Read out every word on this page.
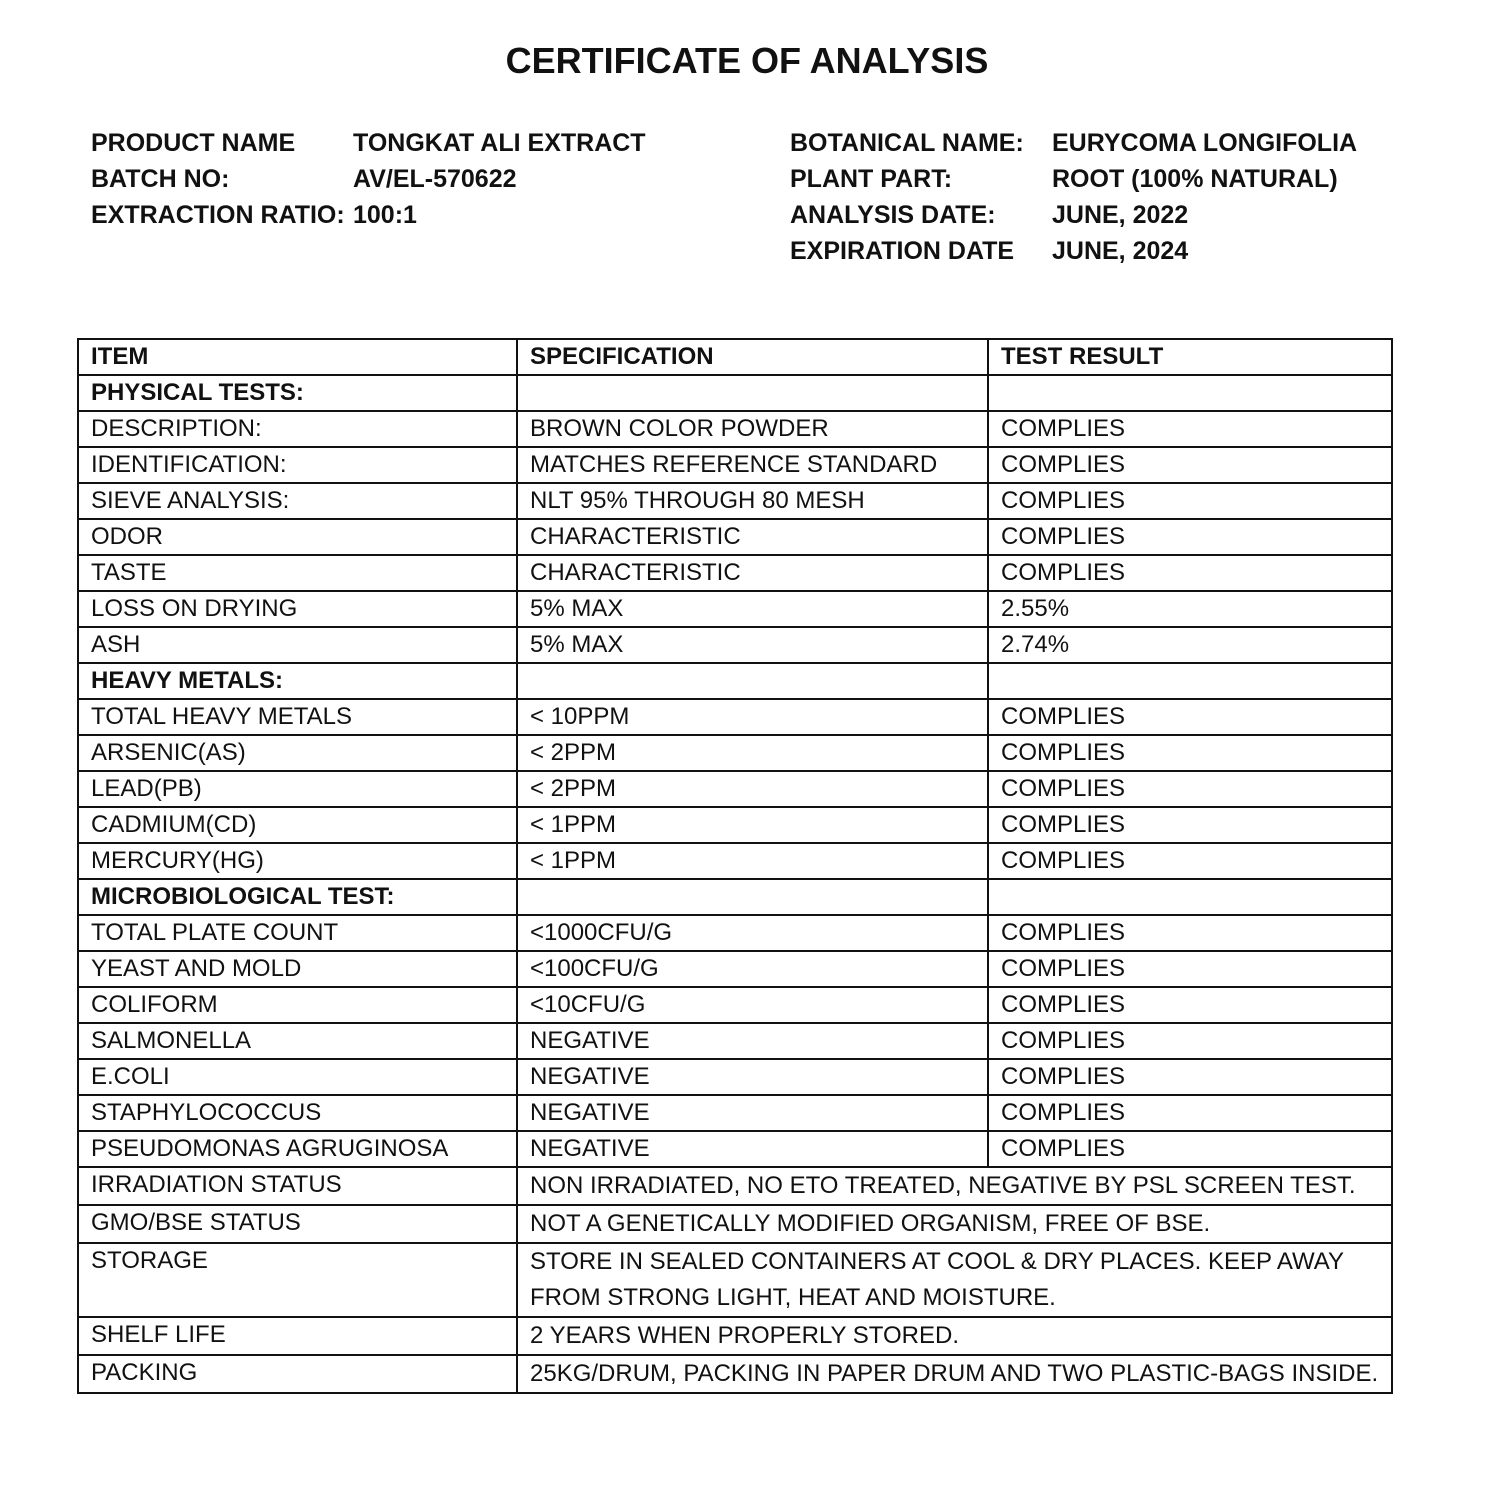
CERTIFICATE OF ANALYSIS
PRODUCT NAME TONGKAT ALI EXTRACT
BATCH NO:	AV/EL-570622
EXTRACTION RATIO: 100:1
BOTANICAL NAME: EURYCOMA LONGIFOLIA
PLANT PART:	ROOT (100% NATURAL)
ANALYSIS DATE: JUNE, 2022
EXPIRATION DATE JUNE, 2024
ITEM	SPECIFICATION	TEST RESULT
PHYSICAL TESTS:		
DESCRIPTION:	BROWN COLOR POWDER	COMPLIES
IDENTIFICATION:	MATCHES REFERENCE STANDARD	COMPLIES
SIEVE ANALYSIS:	NLT 95% THROUGH 80 MESH	COMPLIES
ODOR	CHARACTERISTIC	COMPLIES
TASTE	CHARACTERISTIC	COMPLIES
LOSS ON DRYING	5% MAX	2.55%
ASH	5% MAX	2.74%
HEAVY METALS:		
TOTAL HEAVY METALS	< 10PPM	COMPLIES
ARSENIC(AS)	< 2PPM	COMPLIES
LEAD(PB)	< 2PPM	COMPLIES
CADMIUM(CD)	< 1PPM	COMPLIES
MERCURY(HG)	< 1PPM	COMPLIES
MICROBIOLOGICAL TEST:		
TOTAL PLATE COUNT	<1000CFU/G	COMPLIES
YEAST AND MOLD	<100CFU/G	COMPLIES
COLIFORM	<10CFU/G	COMPLIES
SALMONELLA	NEGATIVE	COMPLIES
E.COLI	NEGATIVE	COMPLIES
STAPHYLOCOCCUS	NEGATIVE	COMPLIES
PSEUDOMONAS AGRUGINOSA	NEGATIVE	COMPLIES
IRRADIATION STATUS	NON IRRADIATED, NO ETO TREATED, NEGATIVE BY PSL SCREEN TEST.	
GMO/BSE STATUS	NOT A GENETICALLY MODIFIED ORGANISM, FREE OF BSE.	
STORAGE	STORE IN SEALED CONTAINERS AT COOL & DRY PLACES. KEEP AWAY FROM STRONG LIGHT, HEAT AND MOISTURE.	
SHELF LIFE	2 YEARS WHEN PROPERLY STORED.	
PACKING	25KG/DRUM, PACKING IN PAPER DRUM AND TWO PLASTIC-BAGS INSIDE.	
